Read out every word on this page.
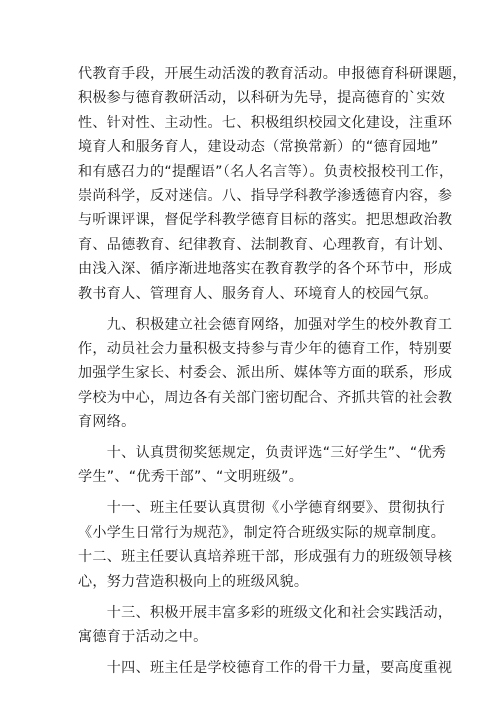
代教育手段，开展生动活泼的教育活动。申报德育科研课题，
积极参与德育教研活动，以科研为先导，提高德育的`实效
性、针对性、主动性。七、积极组织校园文化建设，注重环
境育人和服务育人，建设动态（常换常新）的“德育园地”
和有感召力的“提醒语”（名人名言等）。负责校报校刊工作，
崇尚科学，反对迷信。八、指导学科教学渗透德育内容，参
与听课评课，督促学科教学德育目标的落实。把思想政治教
育、品德教育、纪律教育、法制教育、心理教育，有计划、
由浅入深、循序渐进地落实在教育教学的各个环节中，形成
教书育人、管理育人、服务育人、环境育人的校园气氛。
　　九、积极建立社会德育网络，加强对学生的校外教育工
作，动员社会力量积极支持参与青少年的德育工作，特别要
加强学生家长、村委会、派出所、媒体等方面的联系，形成
学校为中心，周边各有关部门密切配合、齐抓共管的社会教
育网络。
　　十、认真贯彻奖惩规定，负责评选“三好学生”、“优秀
学生”、“优秀干部”、“文明班级”。
　　十一、班主任要认真贯彻《小学德育纲要》、贯彻执行
《小学生日常行为规范》，制定符合班级实际的规章制度。
十二、班主任要认真培养班干部，形成强有力的班级领导核
心，努力营造积极向上的班级风貌。
　　十三、积极开展丰富多彩的班级文化和社会实践活动，
寓德育于活动之中。
　　十四、班主任是学校德育工作的骨干力量，要高度重视
